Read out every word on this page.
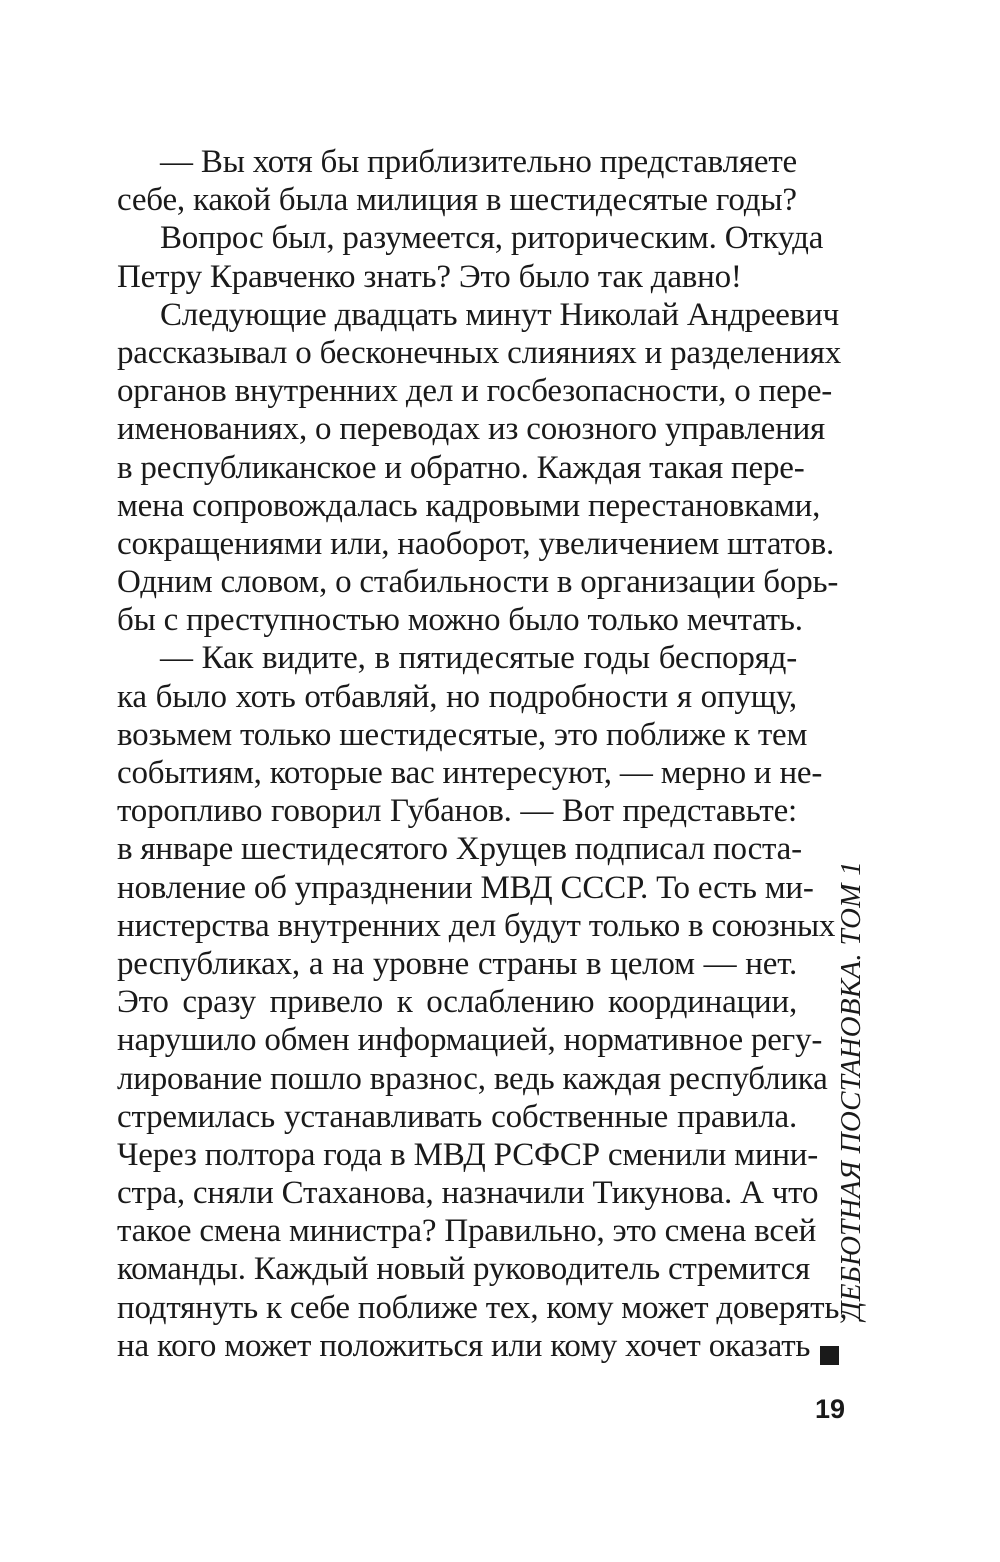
— Вы хотя бы приблизительно представляете
себе, какой была милиция в шестидесятые годы?
Вопрос был, разумеется, риторическим. Откуда
Петру Кравченко знать? Это было так давно!
Следующие двадцать минут Николай Андреевич
рассказывал о бесконечных слияниях и разделениях
органов внутренних дел и госбезопасности, о пере-
именованиях, о переводах из союзного управления
в республиканское и обратно. Каждая такая пере-
мена сопровождалась кадровыми перестановками,
сокращениями или, наоборот, увеличением штатов.
Одним словом, о стабильности в организации борь-
бы с преступностью можно было только мечтать.
— Как видите, в пятидесятые годы беспоряд-
ка было хоть отбавляй, но подробности я опущу,
возьмем только шестидесятые, это поближе к тем
событиям, которые вас интересуют, — мерно и не-
торопливо говорил Губанов. — Вот представьте:
в январе шестидесятого Хрущев подписал поста-
новление об упразднении МВД СССР. То есть ми-
нистерства внутренних дел будут только в союзных
республиках, а на уровне страны в целом — нет.
Это сразу привело к ослаблению координации,
нарушило обмен информацией, нормативное регу-
лирование пошло вразнос, ведь каждая республика
стремилась устанавливать собственные правила.
Через полтора года в МВД РСФСР сменили мини-
стра, сняли Стаханова, назначили Тикунова. А что
такое смена министра? Правильно, это смена всей
команды. Каждый новый руководитель стремится
подтянуть к себе поближе тех, кому может доверять,
на кого может положиться или кому хочет оказать
ДЕБЮТНАЯ ПОСТАНОВКА. ТОМ 1
19
